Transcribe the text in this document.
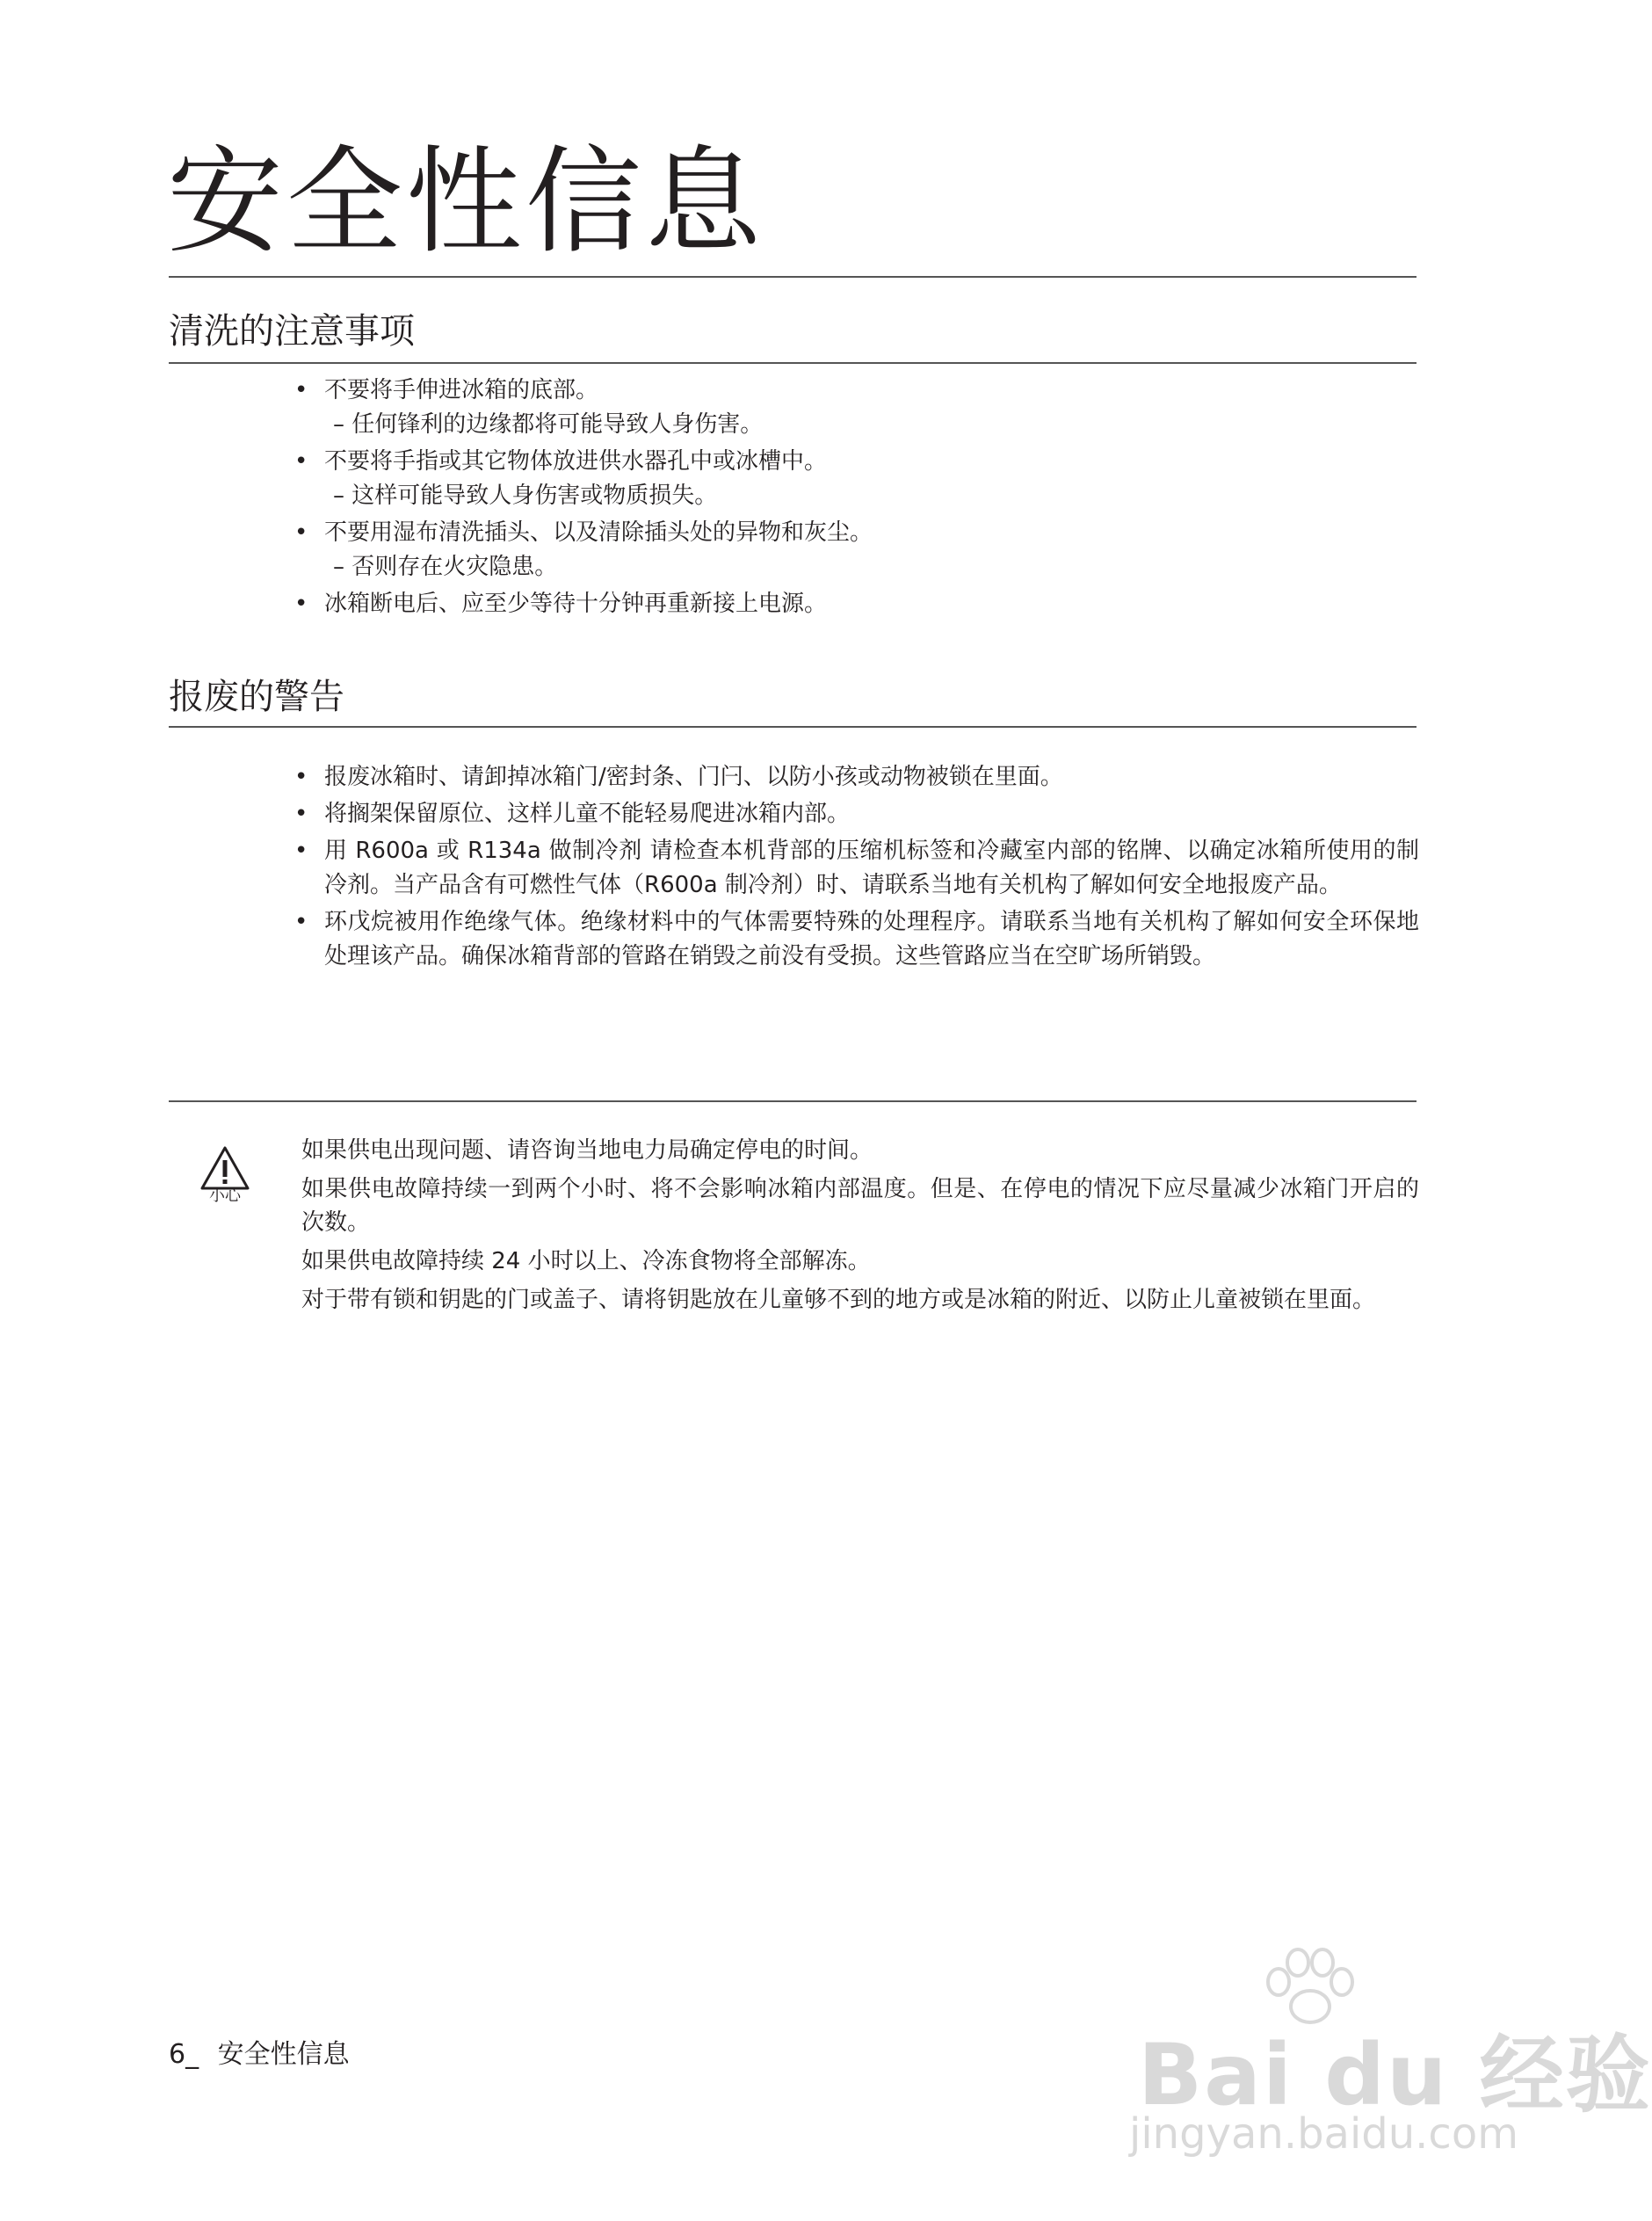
安全性信息
清洗的注意事项
• 不要将手伸进冰箱的底部。
– 任何锋利的边缘都将可能导致人身伤害。
• 不要将手指或其它物体放进供水器孔中或冰槽中。
– 这样可能导致人身伤害或物质损失。
• 不要用湿布清洗插头、以及清除插头处的异物和灰尘。
– 否则存在火灾隐患。
• 冰箱断电后、应至少等待十分钟再重新接上电源。
报废的警告
• 报废冰箱时、请卸掉冰箱门/密封条、门闩、以防小孩或动物被锁在里面。
• 将搁架保留原位、这样儿童不能轻易爬进冰箱内部。
• 用 R600a 或 R134a 做制冷剂 请检查本机背部的压缩机标签和冷藏室内部的铭牌、以确定冰箱所使用的制冷剂。当产品含有可燃性气体（R600a 制冷剂）时、请联系当地有关机构了解如何安全地报废产品。
• 环戊烷被用作绝缘气体。绝缘材料中的气体需要特殊的处理程序。请联系当地有关机构了解如何安全环保地处理该产品。确保冰箱背部的管路在销毁之前没有受损。这些管路应当在空旷场所销毁。
小心

如果供电出现问题、请咨询当地电力局确定停电的时间。

如果供电故障持续一到两个小时、将不会影响冰箱内部温度。但是、在停电的情况下应尽量减少冰箱门开启的次数。

如果供电故障持续 24 小时以上、冷冻食物将全部解冻。

对于带有锁和钥匙的门或盖子、请将钥匙放在儿童够不到的地方或是冰箱的附近、以防止儿童被锁在里面。

6_ 安全性信息	Bai du 经验
jingyan.baidu.com
